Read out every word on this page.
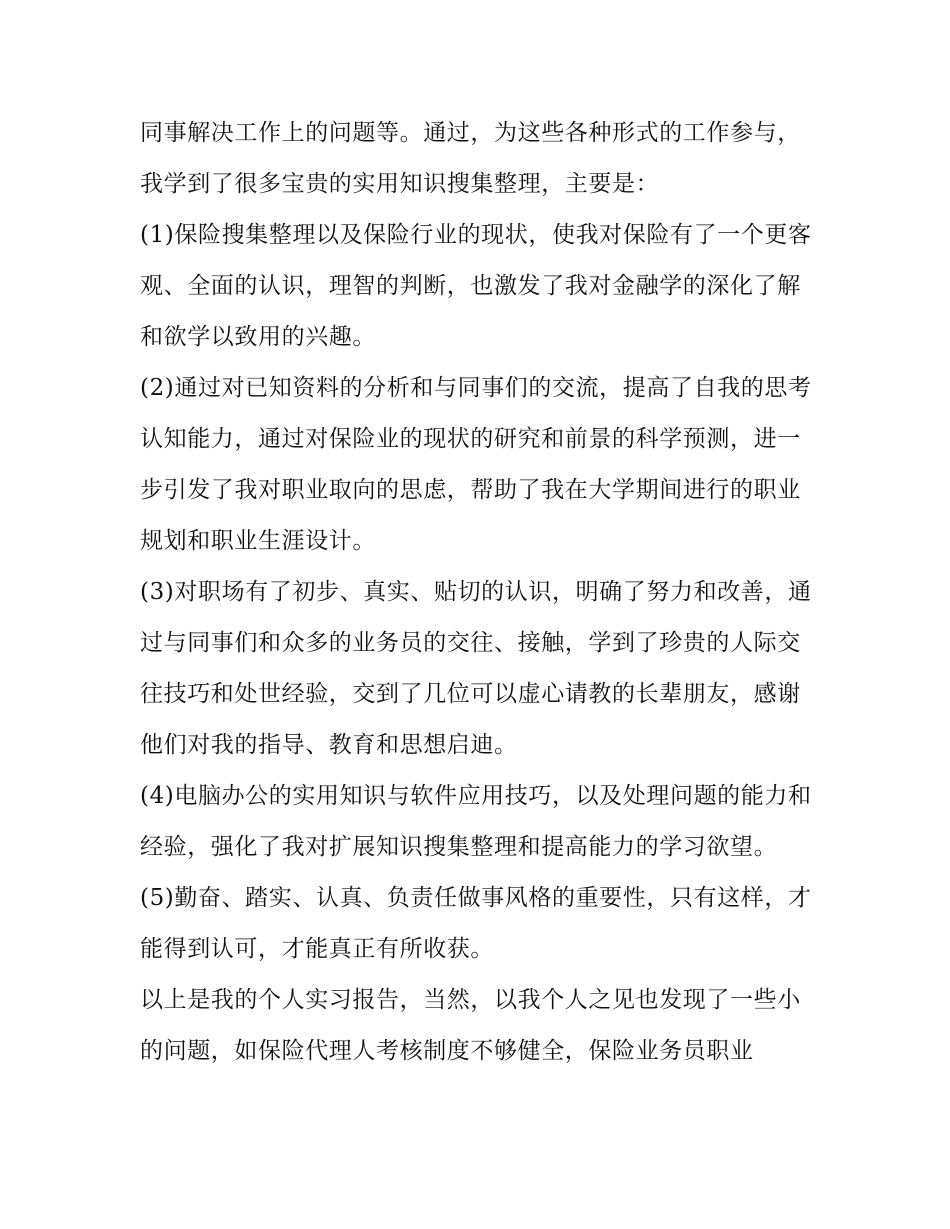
同事解决工作上的问题等。通过，为这些各种形式的工作参与，我学到了很多宝贵的实用知识搜集整理，主要是：

(1)保险搜集整理以及保险行业的现状，使我对保险有了一个更客观、全面的认识，理智的判断，也激发了我对金融学的深化了解和欲学以致用的兴趣。

(2)通过对已知资料的分析和与同事们的交流，提高了自我的思考认知能力，通过对保险业的现状的研究和前景的科学预测，进一步引发了我对职业取向的思虑，帮助了我在大学期间进行的职业规划和职业生涯设计。

(3)对职场有了初步、真实、贴切的认识，明确了努力和改善，通过与同事们和众多的业务员的交往、接触，学到了珍贵的人际交往技巧和处世经验，交到了几位可以虚心请教的长辈朋友，感谢他们对我的指导、教育和思想启迪。

(4)电脑办公的实用知识与软件应用技巧，以及处理问题的能力和经验，强化了我对扩展知识搜集整理和提高能力的学习欲望。

(5)勤奋、踏实、认真、负责任做事风格的重要性，只有这样，才能得到认可，才能真正有所收获。

以上是我的个人实习报告，当然，以我个人之见也发现了一些小的问题，如保险代理人考核制度不够健全，保险业务员职业
